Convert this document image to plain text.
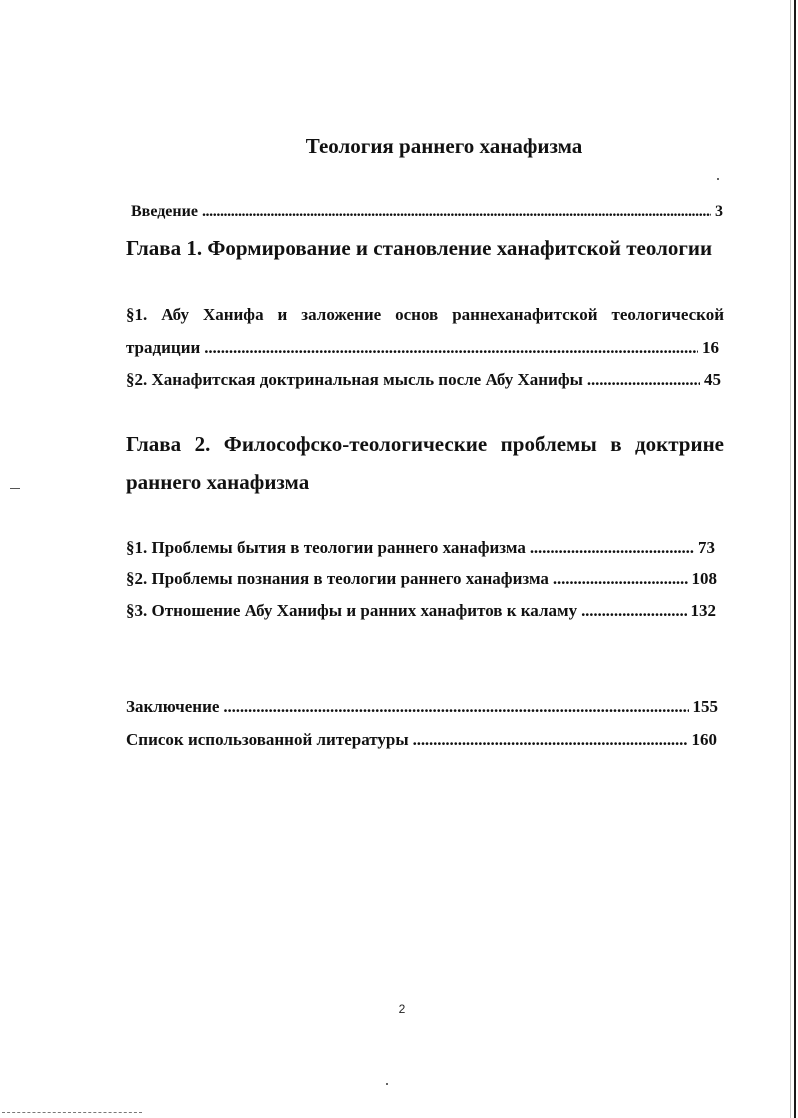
Теология раннего ханафизма
Введение . . .	3
Глава 1. Формирование и становление ханафитской теологии
§1. Абу Ханифа и заложение основ раннеханафитской теологической
традиции . . .	16
§2. Ханафитская доктринальная мысль после Абу Ханифы . . .	45
Глава 2. Философско-теологические проблемы в доктрине
раннего ханафизма
§1. Проблемы бытия в теологии раннего ханафизма . . .	73
§2. Проблемы познания в теологии раннего ханафизма . . .	108
§3. Отношение Абу Ханифы и ранних ханафитов к каламу . . .	132
Заключение . . .	155
Список использованной литературы . . .	160
2
